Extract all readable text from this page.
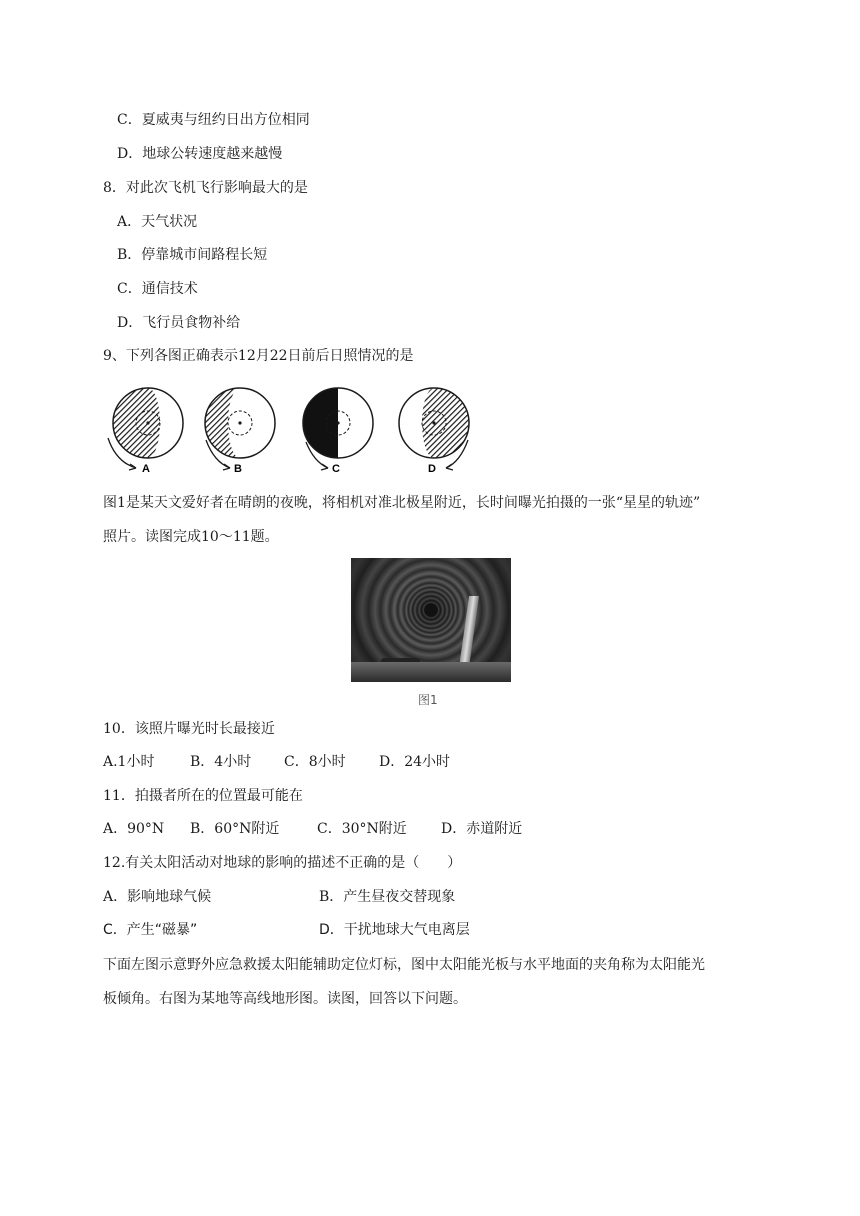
C．夏威夷与纽约日出方位相同
D．地球公转速度越来越慢
8．对此次飞机飞行影响最大的是
A．天气状况
B．停靠城市间路程长短
C．通信技术
D．飞行员食物补给
9、下列各图正确表示12月22日前后日照情况的是
A	B	C	D
图1是某天文爱好者在晴朗的夜晚，将相机对准北极星附近，长时间曝光拍摄的一张“星星的轨迹”
照片。读图完成10～11题。
图1
10．该照片曝光时长最接近
A.1小时	B．4小时 C．8小时 D．24小时
11．拍摄者所在的位置最可能在
A．90°N B．60°N附近	C．30°N附近 D．赤道附近
12.有关太阳活动对地球的影响的描述不正确的是（　　）
A．影响地球气候	B．产生昼夜交替现象
C．产生“磁暴”	D．干扰地球大气电离层
下面左图示意野外应急救援太阳能辅助定位灯标，图中太阳能光板与水平地面的夹角称为太阳能光
板倾角。右图为某地等高线地形图。读图，回答以下问题。
